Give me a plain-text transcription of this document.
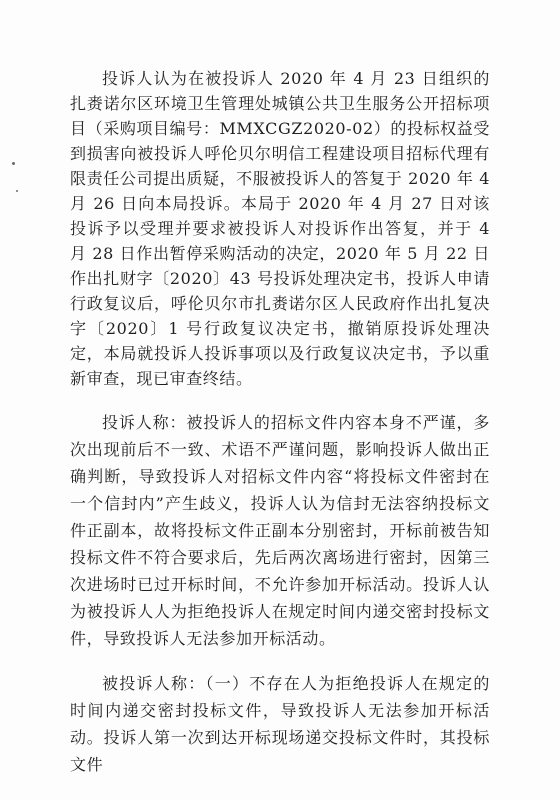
投诉人认为在被投诉人 2020 年 4 月 23 日组织的扎赉诺尔区环境卫生管理处城镇公共卫生服务公开招标项目（采购项目编号：MMXCGZ2020-02）的投标权益受到损害向被投诉人呼伦贝尔明信工程建设项目招标代理有限责任公司提出质疑，不服被投诉人的答复于 2020 年 4 月 26 日向本局投诉。本局于 2020 年 4 月 27 日对该投诉予以受理并要求被投诉人对投诉作出答复，并于 4 月 28 日作出暂停采购活动的决定，2020 年 5 月 22 日作出扎财字〔2020〕43 号投诉处理决定书，投诉人申请行政复议后，呼伦贝尔市扎赉诺尔区人民政府作出扎复决字〔2020〕1 号行政复议决定书，撤销原投诉处理决定，本局就投诉人投诉事项以及行政复议决定书，予以重新审查，现已审查终结。

投诉人称：被投诉人的招标文件内容本身不严谨，多次出现前后不一致、术语不严谨问题，影响投诉人做出正确判断，导致投诉人对招标文件内容“将投标文件密封在一个信封内”产生歧义，投诉人认为信封无法容纳投标文件正副本，故将投标文件正副本分别密封，开标前被告知投标文件不符合要求后，先后两次离场进行密封，因第三次进场时已过开标时间，不允许参加开标活动。投诉人认为被投诉人人为拒绝投诉人在规定时间内递交密封投标文件，导致投诉人无法参加开标活动。

被投诉人称：（一）不存在人为拒绝投诉人在规定的时间内递交密封投标文件，导致投诉人无法参加开标活动。投诉人第一次到达开标现场递交投标文件时，其投标文件
